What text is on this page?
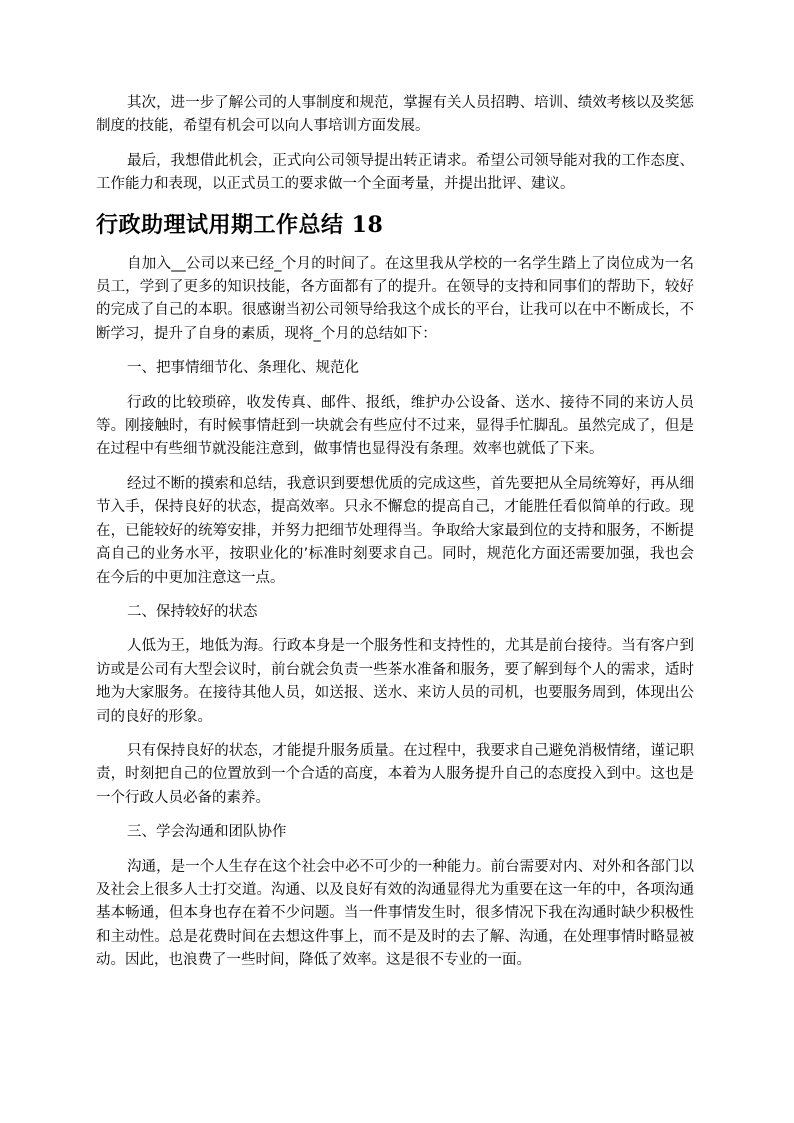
其次，进一步了解公司的人事制度和规范，掌握有关人员招聘、培训、绩效考核以及奖惩制度的技能，希望有机会可以向人事培训方面发展。

最后，我想借此机会，正式向公司领导提出转正请求。希望公司领导能对我的工作态度、工作能力和表现，以正式员工的要求做一个全面考量，并提出批评、建议。

行政助理试用期工作总结 18

自加入__公司以来已经_个月的时间了。在这里我从学校的一名学生踏上了岗位成为一名员工，学到了更多的知识技能，各方面都有了的提升。在领导的支持和同事们的帮助下，较好的完成了自己的本职。很感谢当初公司领导给我这个成长的平台，让我可以在中不断成长，不断学习，提升了自身的素质，现将_个月的总结如下：

一、把事情细节化、条理化、规范化

行政的比较琐碎，收发传真、邮件、报纸，维护办公设备、送水、接待不同的来访人员等。刚接触时，有时候事情赶到一块就会有些应付不过来，显得手忙脚乱。虽然完成了，但是在过程中有些细节就没能注意到，做事情也显得没有条理。效率也就低了下来。

经过不断的摸索和总结，我意识到要想优质的完成这些，首先要把从全局统筹好，再从细节入手，保持良好的状态，提高效率。只永不懈怠的提高自己，才能胜任看似简单的行政。现在，已能较好的统筹安排，并努力把细节处理得当。争取给大家最到位的支持和服务，不断提高自己的业务水平，按职业化的’标准时刻要求自己。同时，规范化方面还需要加强，我也会在今后的中更加注意这一点。

二、保持较好的状态

人低为王，地低为海。行政本身是一个服务性和支持性的，尤其是前台接待。当有客户到访或是公司有大型会议时，前台就会负责一些茶水准备和服务，要了解到每个人的需求，适时地为大家服务。在接待其他人员，如送报、送水、来访人员的司机，也要服务周到，体现出公司的良好的形象。

只有保持良好的状态，才能提升服务质量。在过程中，我要求自己避免消极情绪，谨记职责，时刻把自己的位置放到一个合适的高度，本着为人服务提升自己的态度投入到中。这也是一个行政人员必备的素养。

三、学会沟通和团队协作

沟通，是一个人生存在这个社会中必不可少的一种能力。前台需要对内、对外和各部门以及社会上很多人士打交道。沟通、以及良好有效的沟通显得尤为重要在这一年的中，各项沟通基本畅通，但本身也存在着不少问题。当一件事情发生时，很多情况下我在沟通时缺少积极性和主动性。总是花费时间在去想这件事上，而不是及时的去了解、沟通，在处理事情时略显被动。因此，也浪费了一些时间，降低了效率。这是很不专业的一面。
